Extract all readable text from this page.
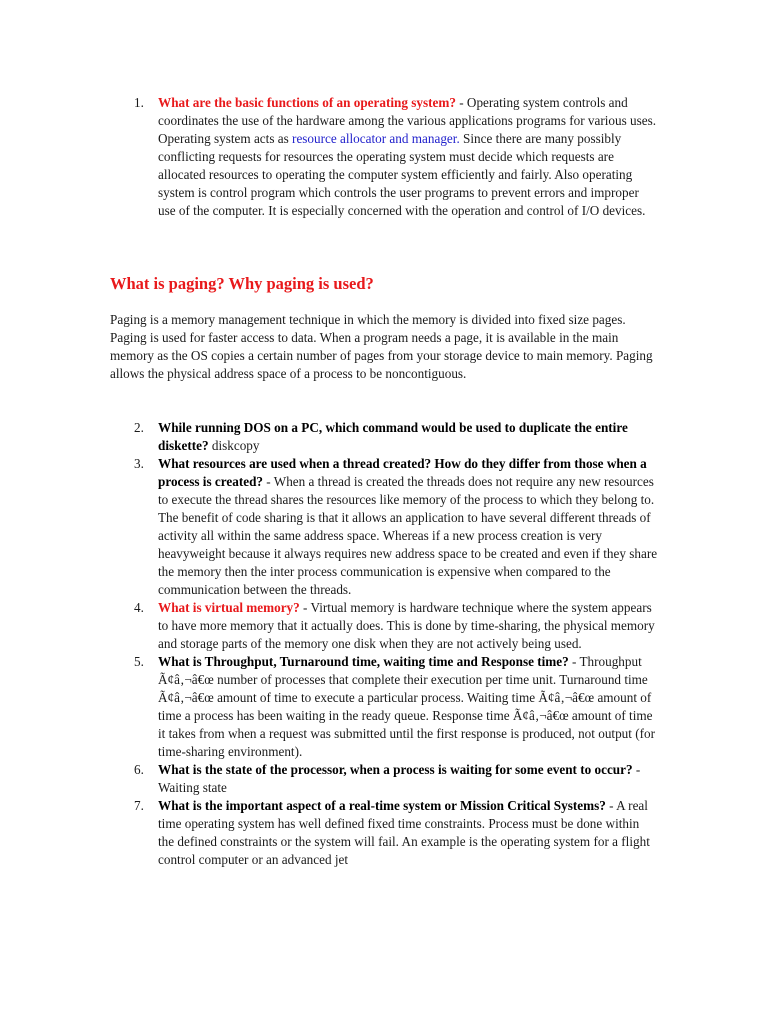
1. What are the basic functions of an operating system? - Operating system controls and coordinates the use of the hardware among the various applications programs for various uses. Operating system acts as resource allocator and manager. Since there are many possibly conflicting requests for resources the operating system must decide which requests are allocated resources to operating the computer system efficiently and fairly. Also operating system is control program which controls the user programs to prevent errors and improper use of the computer. It is especially concerned with the operation and control of I/O devices.
What is paging? Why paging is used?

Paging is a memory management technique in which the memory is divided into fixed size pages. Paging is used for faster access to data. When a program needs a page, it is available in the main memory as the OS copies a certain number of pages from your storage device to main memory. Paging allows the physical address space of a process to be noncontiguous.

2. While running DOS on a PC, which command would be used to duplicate the entire diskette? diskcopy
3. What resources are used when a thread created? How do they differ from those when a process is created? - When a thread is created the threads does not require any new resources to execute the thread shares the resources like memory of the process to which they belong to. The benefit of code sharing is that it allows an application to have several different threads of activity all within the same address space. Whereas if a new process creation is very heavyweight because it always requires new address space to be created and even if they share the memory then the inter process communication is expensive when compared to the communication between the threads.
4. What is virtual memory? - Virtual memory is hardware technique where the system appears to have more memory that it actually does. This is done by time-sharing, the physical memory and storage parts of the memory one disk when they are not actively being used.
5. What is Throughput, Turnaround time, waiting time and Response time? - Throughput Ã¢â‚¬â€œ number of processes that complete their execution per time unit. Turnaround time Ã¢â‚¬â€œ amount of time to execute a particular process. Waiting time Ã¢â‚¬â€œ amount of time a process has been waiting in the ready queue. Response time Ã¢â‚¬â€œ amount of time it takes from when a request was submitted until the first response is produced, not output (for time-sharing environment).
6. What is the state of the processor, when a process is waiting for some event to occur? - Waiting state
7. What is the important aspect of a real-time system or Mission Critical Systems? - A real time operating system has well defined fixed time constraints. Process must be done within the defined constraints or the system will fail. An example is the operating system for a flight control computer or an advanced jet
